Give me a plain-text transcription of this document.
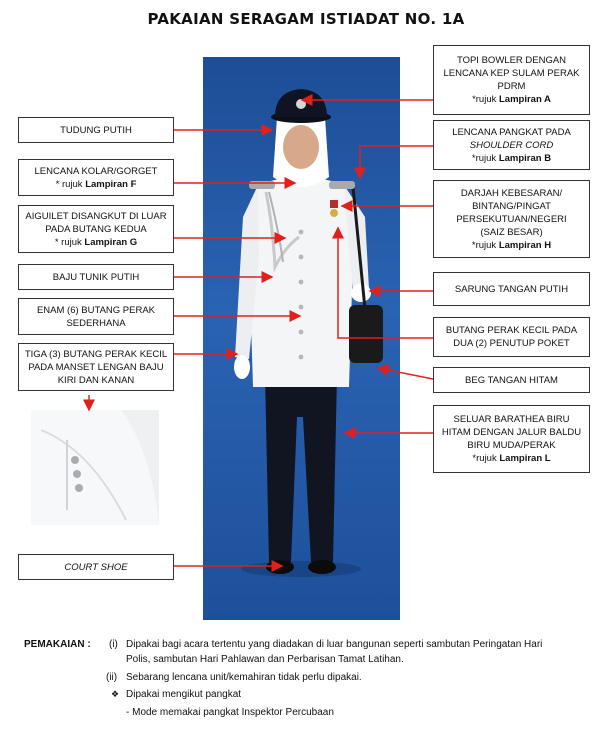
PAKAIAN SERAGAM ISTIADAT NO. 1A
TUDUNG PUTIH
LENCANA KOLAR/GORGET
* rujuk Lampiran F
AIGUILET DISANGKUT DI LUAR
PADA BUTANG KEDUA
* rujuk Lampiran G
BAJU TUNIK PUTIH
ENAM (6) BUTANG PERAK
SEDERHANA
TIGA (3) BUTANG PERAK KECIL
PADA MANSET LENGAN BAJU
KIRI DAN KANAN
COURT SHOE
TOPI BOWLER DENGAN
LENCANA KEP SULAM PERAK
PDRM
*rujuk Lampiran A
LENCANA PANGKAT PADA
SHOULDER CORD
*rujuk Lampiran B
DARJAH KEBESARAN/
BINTANG/PINGAT
PERSEKUTUAN/NEGERI
(SAIZ BESAR)
*rujuk Lampiran H
SARUNG TANGAN PUTIH
BUTANG PERAK KECIL PADA
DUA (2) PENUTUP POKET
BEG TANGAN HITAM
SELUAR BARATHEA BIRU
HITAM DENGAN JALUR BALDU
BIRU MUDA/PERAK
*rujuk Lampiran L
PEMAKAIAN : (i) Dipakai bagi acara tertentu yang diadakan di luar bangunan seperti sambutan Peringatan Hari
Polis, sambutan Hari Pahlawan dan Perbarisan Tamat Latihan.
(ii) Sebarang lencana unit/kemahiran tidak perlu dipakai.
❖ Dipakai mengikut pangkat
- Mode memakai pangkat Inspektor Percubaan
